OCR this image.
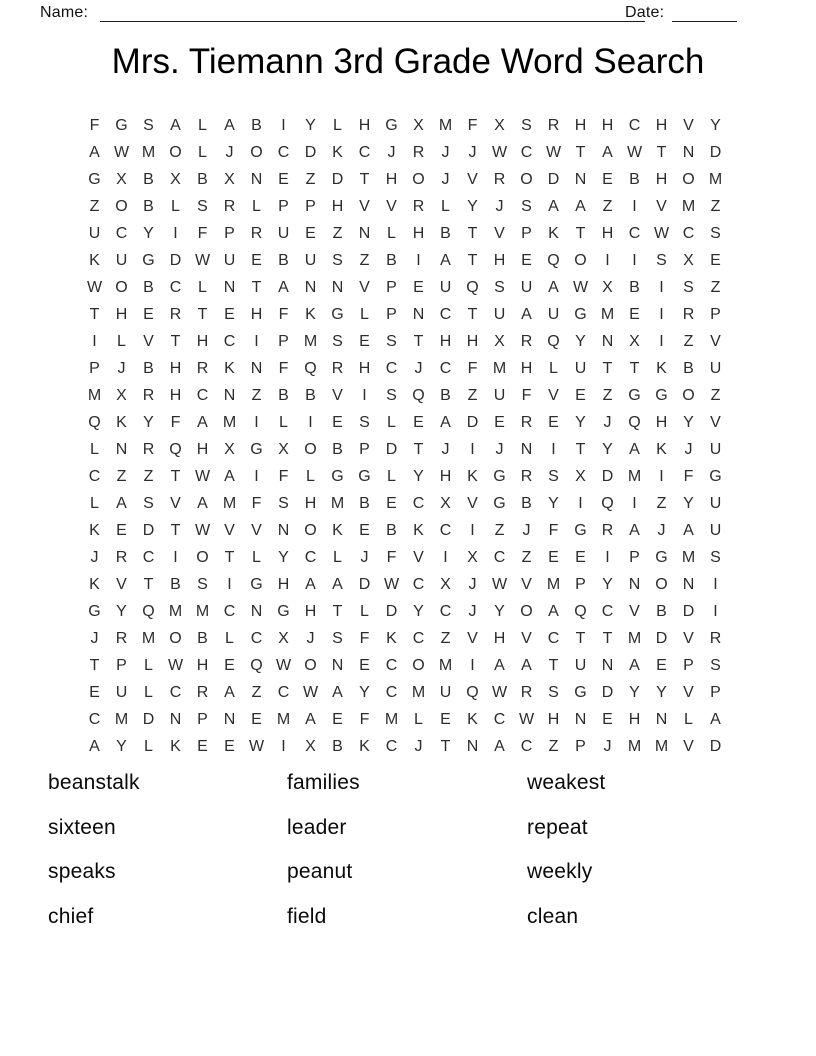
Name:	Date:
Mrs. Tiemann 3rd Grade Word Search
F G S	A	L	A	B	I	Y	L	H G X M F	X	S R H H C H V	Y
A W M O	L	J	O C D K C	J	R	J	J W C W T	A W T	N D
G X	B	X	B	X N E	Z	D	T	H O	J	V R O D N E	B H O M
Z O B	L	S R	L	P	P H V	V R	L	Y	J	S	A	A	Z	I	V M Z
U C Y	I	F	P R U E	Z	N	L	H B	T	V	P	K	T	H C W C S
K U G D W U E	B U S	Z	B	I	A	T	H E Q O	I	I	S	X	E
W O B C	L	N	T	A N N V	P	E U Q S U A W X	B	I	S	Z
T	H E R	T	E H	F	K G	L	P N C	T	U A U G M E	I	R P
I	L	V	T	H C	I	P M S	E	S	T	H H X R Q Y N X	I	Z	V
P	J	B H R K N	F Q R H C	J	C	F M H	L	U	T	T	K	B U
M X R H C N	Z	B	B	V	I	S Q B	Z	U	F	V	E	Z G G O Z
Q K	Y	F	A M	I	L	I	E	S	L	E	A D E R E	Y	J	Q H Y	V
L	N R Q H X G X O B	P D	T	J	I	J	N	I	T	Y	A	K	J	U
C	Z	Z	T W A	I	F	L	G G	L	Y H K G R S	X D M	I	F G
L	A	S	V	A M F	S H M B	E C X	V G B	Y	I	Q	I	Z	Y U
K	E D	T W V	V N O K	E	B	K C	I	Z	J	F G R A	J	A U
J	R C	I	O T	L	Y C	L	J	F	V	I	X C	Z	E	E	I	P G M S
K	V	T	B	S	I	G H A	A D W C X	J W V M P	Y N O N	I
G Y Q M M C N G H	T	L	D Y C	J	Y O A Q C V	B D	I
J	R M O B	L	C X	J	S	F	K C	Z	V H V C	T	T M D V R
T	P	L W H E Q W O N E C O M	I	A	A	T	U N A	E	P	S
E U	L	C R A	Z	C W A	Y C M U Q W R S G D Y	Y	V	P
C M D N P N E M A	E	F M L	E	K C W H N E H N	L	A
A	Y	L	K	E	E W	I	X	B	K C	J	T	N A C	Z	P	J	M M V D
beanstalk
sixteen
speaks
chief
families
leader
peanut
field
weakest
repeat
weekly
clean
